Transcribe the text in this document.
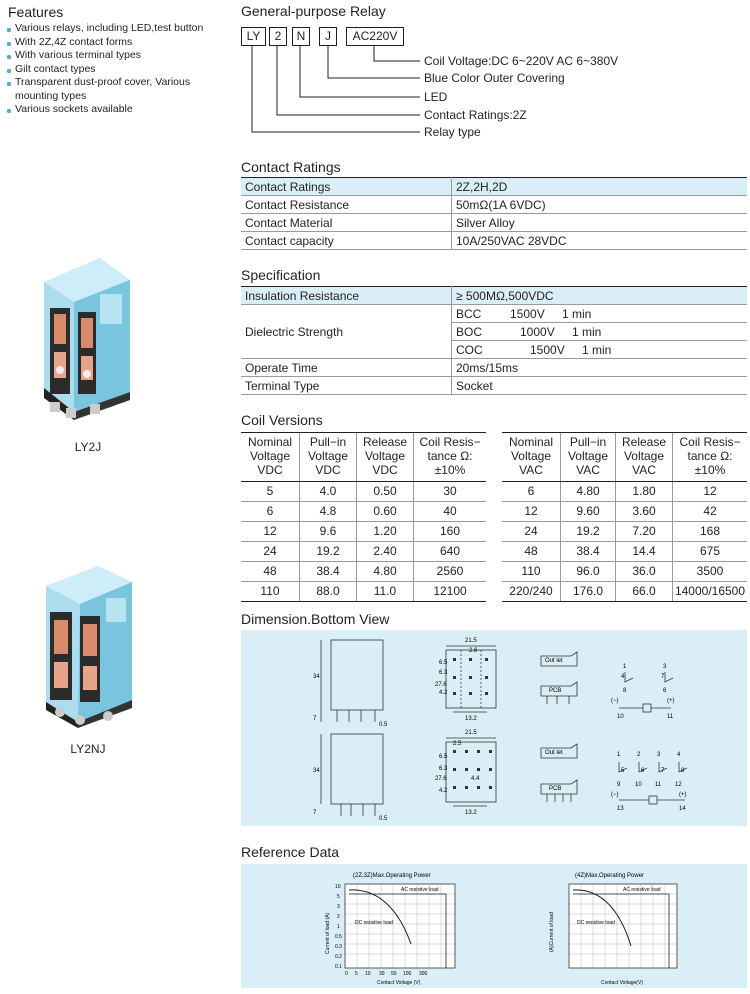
Features
Various relays, including LED,test button
With 2Z,4Z contact forms
With various terminal types
Gilt contact types
Transparent dust-proof cover, Various mounting types
Various sockets available
LY2J
LY2NJ
General-purpose Relay
LY	2	N	J	AC220V
Coil Voltage:DC 6~220V AC 6~380V
Blue Color Outer Covering
LED
Contact Ratings:2Z
Relay type
Contact Ratings
Contact Ratings	2Z,2H,2D
Contact Resistance	50mΩ(1A 6VDC)
Contact Material	Silver Alloy
Contact capacity	10A/250VAC 28VDC
Specification
Insulation Resistance	≥ 500MΩ,500VDC
Dielectric Strength	BCC 1500V 1 min
	BOC 1000V 1 min
	COC 1500V 1 min
Operate Time	20ms/15ms
Terminal Type	Socket
Coil Versions
Nominal Voltage VDC	Pull−in Voltage VDC	Release Voltage VDC	Coil Resis− tance Ω: ±10%
5	4.0	0.50	30
6	4.8	0.60	40
12	9.6	1.20	160
24	19.2	2.40	640
48	38.4	4.80	2560
110	88.0	11.0	12100
Nominal Voltage VAC	Pull−in Voltage VAC	Release Voltage VAC	Coil Resis− tance Ω: ±10%
6	4.80	1.80	12
12	9.60	3.60	42
24	19.2	7.20	168
48	38.4	14.4	675
110	96.0	36.0	3500
220/240	176.0	66.0	14000/16500
Dimension.Bottom View
34
7
0.5
21.5
2.6
27.6
6.5
6.3
4.2
13.2
34
7
0.5
21.5
2.5
27.6
6.5
6.3
4.2
4.4
13.2
Out let
PCB
Out let
PCB
1	3
4	7
8	6
10	11
1	2	3	4
5	6	7	8
9 10 11 12
13	14
(−)	(+)
(−)	(+)
Reference Data
(2Z,3Z)Max.Operating Power
AC resistive load
DC resistive load
Current of load (A)
Contact Voltage (V)
10
5
3
2
1
0.5
0.3
0.2
0.1
0 5 10 30 50 100 300
(4Z)Max.Operating Power
AC resistive load
DC resistive load
(A)Current of load
Contact Voltage(V)
